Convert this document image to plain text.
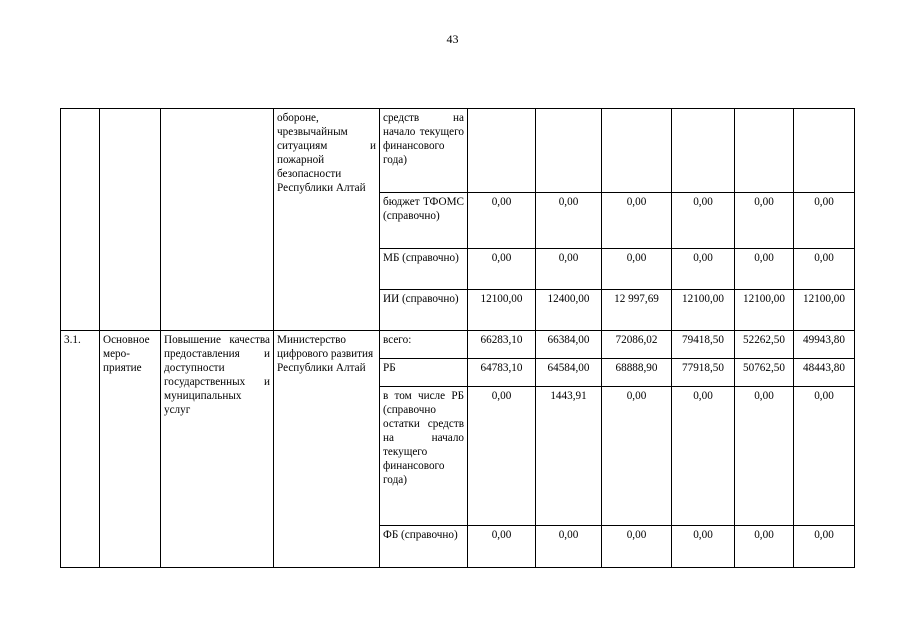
43
			обороне, чрезвычайным ситуациям и пожарной безопасности Республики Алтай	средств на начало текущего финансового года)						
				бюджет ТФОМС (справочно)	0,00	0,00	0,00	0,00	0,00	0,00
				МБ (справочно)	0,00	0,00	0,00	0,00	0,00	0,00
				ИИ (справочно)	12100,00	12400,00	12 997,69	12100,00	12100,00	12100,00
3.1.	Основное меро- приятие	Повышение качества предоставления и доступности государственных и муниципальных услуг	Министерство цифрового развития Республики Алтай	всего:	66283,10	66384,00	72086,02	79418,50	52262,50	49943,80
				РБ	64783,10	64584,00	68888,90	77918,50	50762,50	48443,80
				в том числе РБ (справочно остатки средств на начало текущего финансового года)	0,00	1443,91	0,00	0,00	0,00	0,00
				ФБ (справочно)	0,00	0,00	0,00	0,00	0,00	0,00
